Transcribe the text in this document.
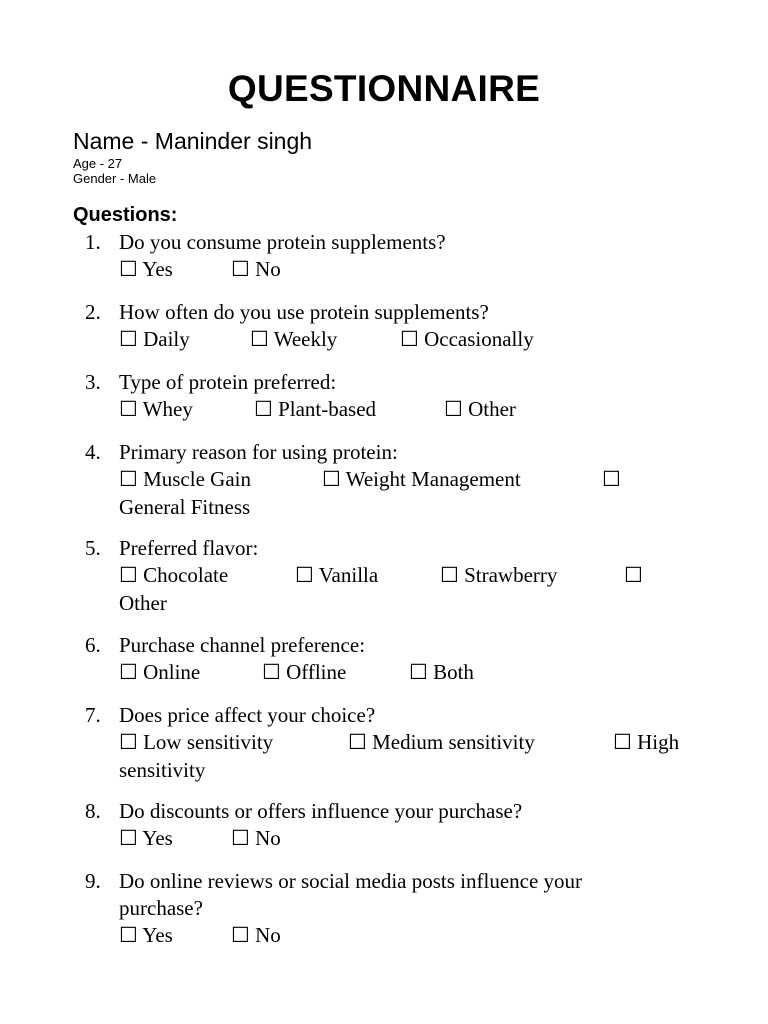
QUESTIONNAIRE
Name - Maninder singh
Age - 27
Gender - Male
Questions:
1. Do you consume protein supplements?
☐ Yes	☐ No
2. How often do you use protein supplements?
☐ Daily	☐ Weekly	☐ Occasionally
3. Type of protein preferred:
☐ Whey	☐ Plant-based	☐ Other
4. Primary reason for using protein:
☐ Muscle Gain	☐ Weight Management	☐
General Fitness
5. Preferred flavor:
☐ Chocolate	☐ Vanilla	☐ Strawberry	☐
Other
6. Purchase channel preference:
☐ Online	☐ Offline	☐ Both
7. Does price affect your choice?
☐ Low sensitivity	☐ Medium sensitivity	☐ High
sensitivity
8. Do discounts or offers influence your purchase?
☐ Yes	☐ No
9. Do online reviews or social media posts influence your
purchase?
☐ Yes	☐ No
